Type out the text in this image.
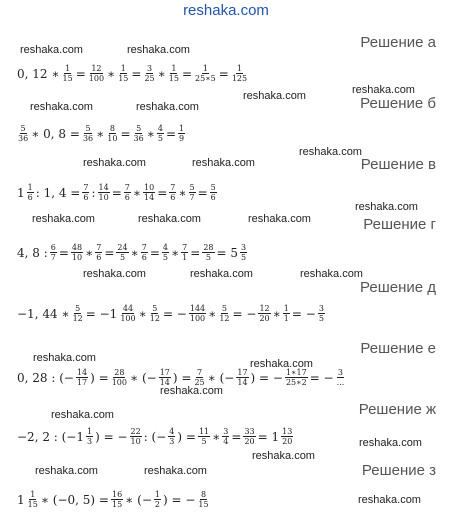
reshaka.com
reshaka.com	reshaka.com
reshaka.com	reshaka.com
reshaka.com	reshaka.com
reshaka.com	reshaka.com
reshaka.com
reshaka.com	reshaka.com	reshaka.com
reshaka.com
reshaka.com	reshaka.com	reshaka.com
reshaka.com
reshaka.com
reshaka.com
reshaka.com
reshaka.com
reshaka.com
reshaka.com	reshaka.com
reshaka.com
Решение а
Решение б
Решение в
Решение г
Решение д
Решение е
Решение ж
Решение з
0, 12 ∗ $\frac{1}{15} = \frac{12}{100}$ ∗ $\frac{1}{15} = \frac{3}{25}$ ∗ $\frac{1}{15} = \frac{1}{25∗5} = \frac{1}{125}$
$\frac{5}{36}$ ∗ 0, $8 = \frac{5}{36}$ ∗ $\frac{8}{10} = \frac{5}{36}$ ∗ $\frac{4}{5} = \frac{1}{9}$
$1 \frac{1}{6}$ : 1, $4 = \frac{7}{6}$ : $\frac{14}{10} = \frac{7}{6}$ ∗ $\frac{10}{14} = \frac{7}{6}$ ∗ $\frac{5}{7} = \frac{5}{6}$
4, 8 : $\frac{6}{7} = \frac{48}{10}$ ∗ $\frac{7}{6} = \frac{24}{5}$ ∗ $\frac{7}{6} = \frac{4}{5}$ ∗ $\frac{7}{1} = \frac{28}{5} = 5 \frac{3}{5}$
−1, 44 ∗ $\frac{5}{12} = -1 \frac{44}{100}$ ∗ $\frac{5}{12}$ = − $\frac{144}{100}$ ∗ $\frac{5}{12}$ = − $\frac{12}{20}$ ∗ $\frac{1}{1}$ = − $\frac{3}{5}$
0, 28 : (− $\frac{14}{17}$ ) = $\frac{28}{100}$ ∗ (− $\frac{17}{14}$ ) = $\frac{7}{25}$ ∗ (− $\frac{17}{14}$ ) = − $\frac{1∗17}{25∗2}$ = − $\frac{3}{...}$
−2, 2 : ($-1 \frac{1}{3}$ ) = − $\frac{22}{10}$ : (− $\frac{4}{3}$ ) = $\frac{11}{5}$ ∗ $\frac{3}{4} = \frac{33}{20} = 1 \frac{13}{20}$
$1 \frac{1}{15}$ ∗ (−0, $5) = \frac{16}{15}$ ∗ (− $\frac{1}{2}$ ) = − $\frac{8}{15}$
